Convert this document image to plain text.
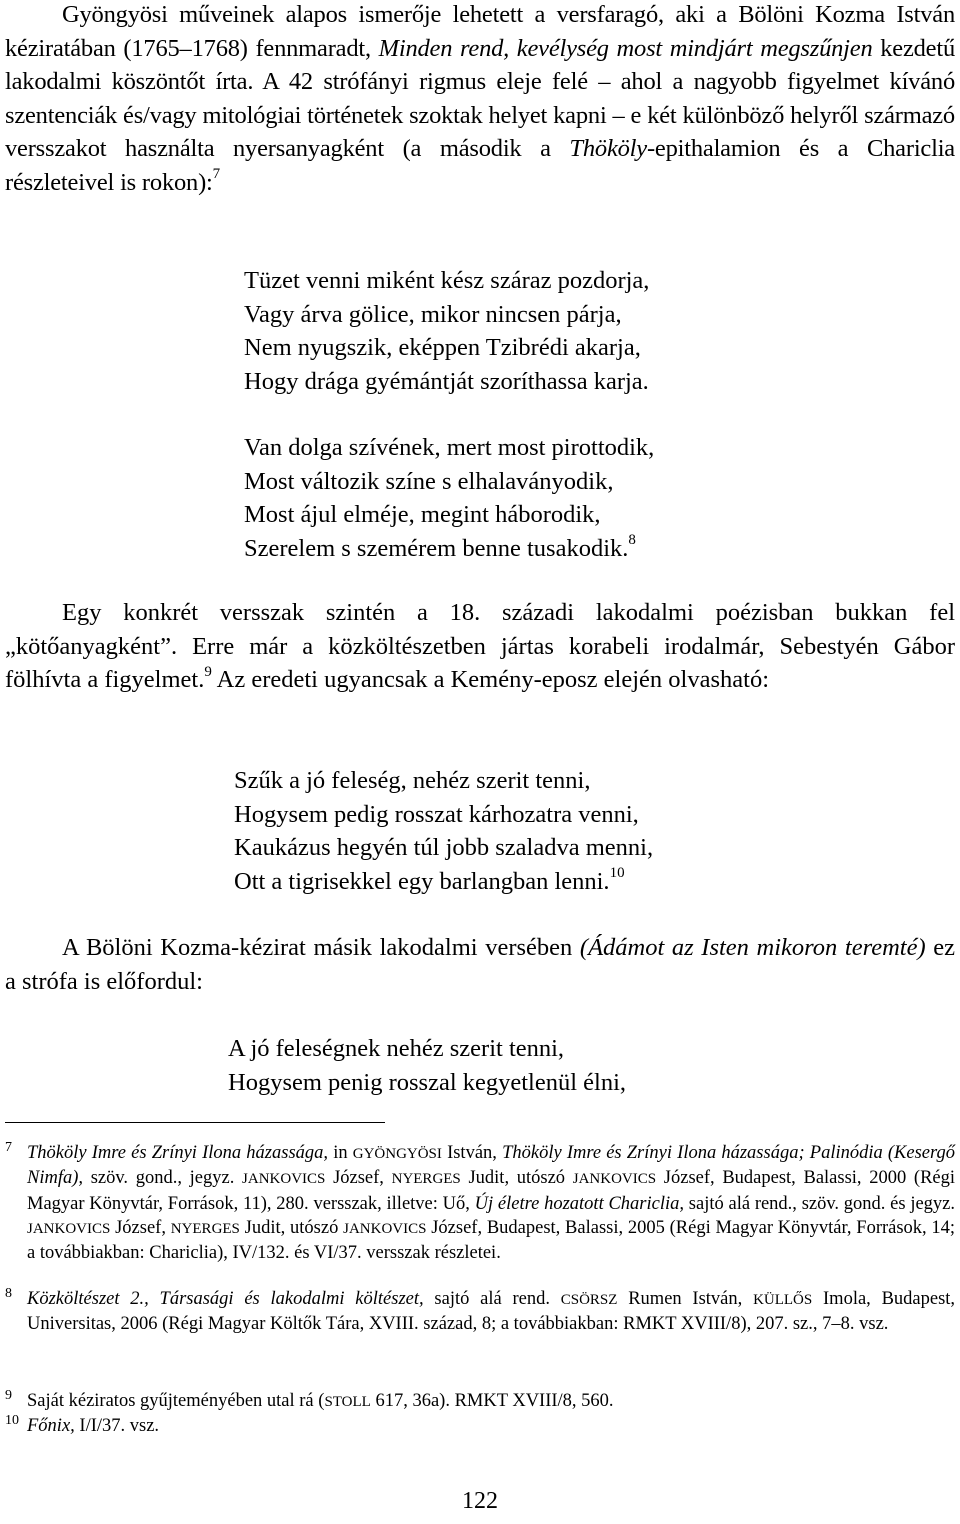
Gyöngyösi műveinek alapos ismerője lehetett a versfaragó, aki a Bölöni Kozma István kéziratában (1765–1768) fennmaradt, Minden rend, kevélység most mindjárt megszűnjen kezdetű lakodalmi köszöntőt írta. A 42 strófányi rigmus eleje felé – ahol a nagyobb figyelmet kívánó szentenciák és/vagy mitológiai történetek szoktak helyet kapni – e két különböző helyről származó versszakot használta nyersanyagként (a második a Thököly-epithalamion és a Chariclia részleteivel is rokon):$^7$
Tüzet venni miként kész száraz pozdorja,
Vagy árva gölice, mikor nincsen párja,
Nem nyugszik, eképpen Tzibrédi akarja,
Hogy drága gyémántját szoríthassa karja.
Van dolga szívének, mert most pirottodik,
Most változik színe s elhalaványodik,
Most ájul elméje, megint háborodik,
Szerelem s szemérem benne tusakodik.$^8$
Egy konkrét versszak szintén a 18. századi lakodalmi poézisban bukkan fel „kötőanyagként”. Erre már a közköltészetben jártas korabeli irodalmár, Sebestyén Gábor fölhívta a figyelmet.$^9$ Az eredeti ugyancsak a Kemény-eposz elején olvasható:
Szűk a jó feleség, nehéz szerit tenni,
Hogysem pedig rosszat kárhozatra venni,
Kaukázus hegyén túl jobb szaladva menni,
Ott a tigrisekkel egy barlangban lenni.$^{10}$
A Bölöni Kozma-kézirat másik lakodalmi versében (Ádámot az Isten mikoron teremté) ez a strófa is előfordul:
A jó feleségnek nehéz szerit tenni,
Hogysem penig rosszal kegyetlenül élni,
7 Thököly Imre és Zrínyi Ilona házassága, in GYÖNGYÖSI István, Thököly Imre és Zrínyi Ilona házassága; Palinódia (Kesergő Nimfa), szöv. gond., jegyz. JANKOVICS József, NYERGES Judit, utószó JANKOVICS József, Budapest, Balassi, 2000 (Régi Magyar Könyvtár, Források, 11), 280. versszak, illetve: Uő, Új életre hozatott Chariclia, sajtó alá rend., szöv. gond. és jegyz. JANKOVICS József, NYERGES Judit, utószó JANKOVICS József, Budapest, Balassi, 2005 (Régi Magyar Könyvtár, Források, 14; a továbbiakban: Chariclia), IV/132. és VI/37. versszak részletei.
8 Közköltészet 2., Társasági és lakodalmi költészet, sajtó alá rend. CSÖRSZ Rumen István, KÜLLŐS Imola, Budapest, Universitas, 2006 (Régi Magyar Költők Tára, XVIII. század, 8; a továbbiakban: RMKT XVIII/8), 207. sz., 7–8. vsz.
9 Saját kéziratos gyűjteményében utal rá (STOLL 617, 36a). RMKT XVIII/8, 560.
10 Főnix, I/I/37. vsz.
122
